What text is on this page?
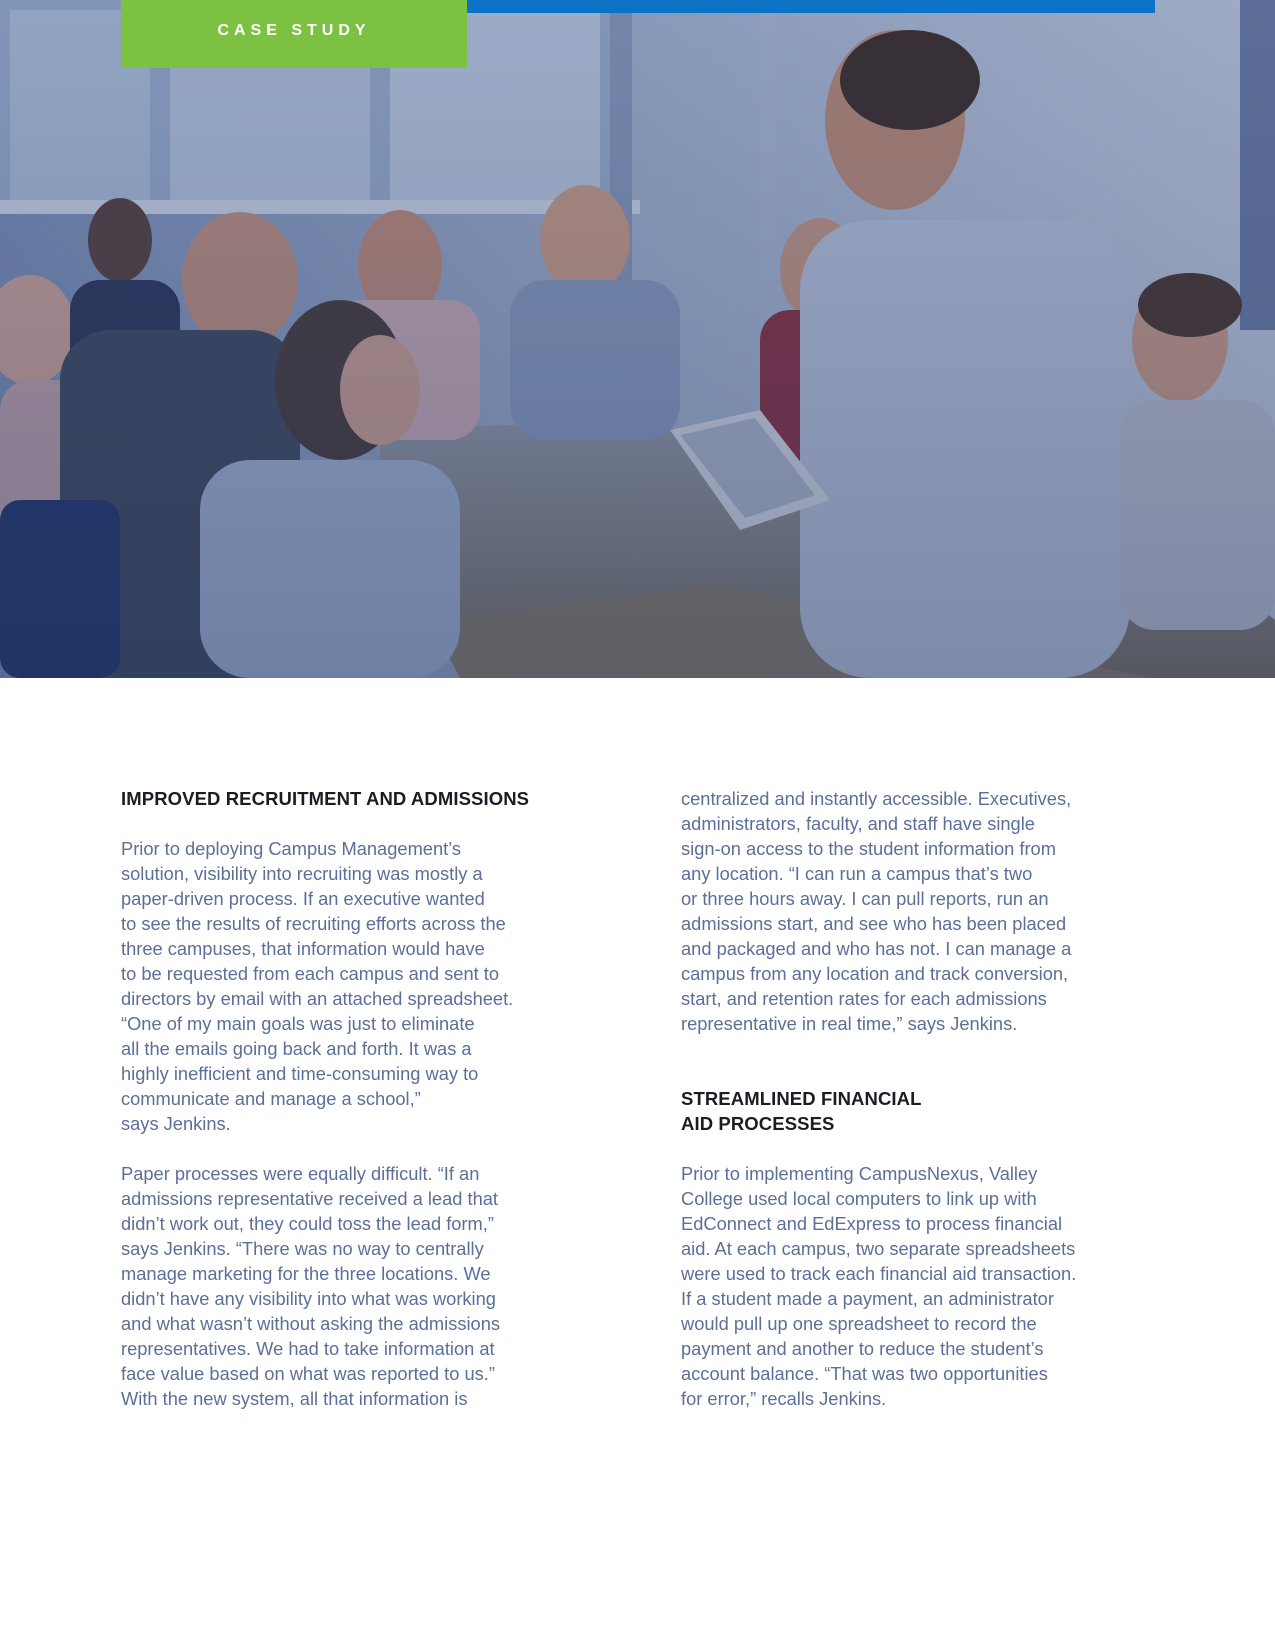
CASE STUDY
IMPROVED RECRUITMENT AND ADMISSIONS

Prior to deploying Campus Management’s
solution, visibility into recruiting was mostly a
paper-driven process. If an executive wanted
to see the results of recruiting efforts across the
three campuses, that information would have
to be requested from each campus and sent to
directors by email with an attached spreadsheet.
“One of my main goals was just to eliminate
all the emails going back and forth. It was a
highly inefficient and time-consuming way to
communicate and manage a school,”
says Jenkins.

Paper processes were equally difficult. “If an
admissions representative received a lead that
didn’t work out, they could toss the lead form,”
says Jenkins. “There was no way to centrally
manage marketing for the three locations. We
didn’t have any visibility into what was working
and what wasn’t without asking the admissions
representatives. We had to take information at
face value based on what was reported to us.”
With the new system, all that information is

centralized and instantly accessible. Executives,
administrators, faculty, and staff have single
sign-on access to the student information from
any location. “I can run a campus that’s two
or three hours away. I can pull reports, run an
admissions start, and see who has been placed
and packaged and who has not. I can manage a
campus from any location and track conversion,
start, and retention rates for each admissions
representative in real time,” says Jenkins.

STREAMLINED FINANCIAL
AID PROCESSES

Prior to implementing CampusNexus, Valley
College used local computers to link up with
EdConnect and EdExpress to process financial
aid. At each campus, two separate spreadsheets
were used to track each financial aid transaction.
If a student made a payment, an administrator
would pull up one spreadsheet to record the
payment and another to reduce the student’s
account balance. “That was two opportunities
for error,” recalls Jenkins.
